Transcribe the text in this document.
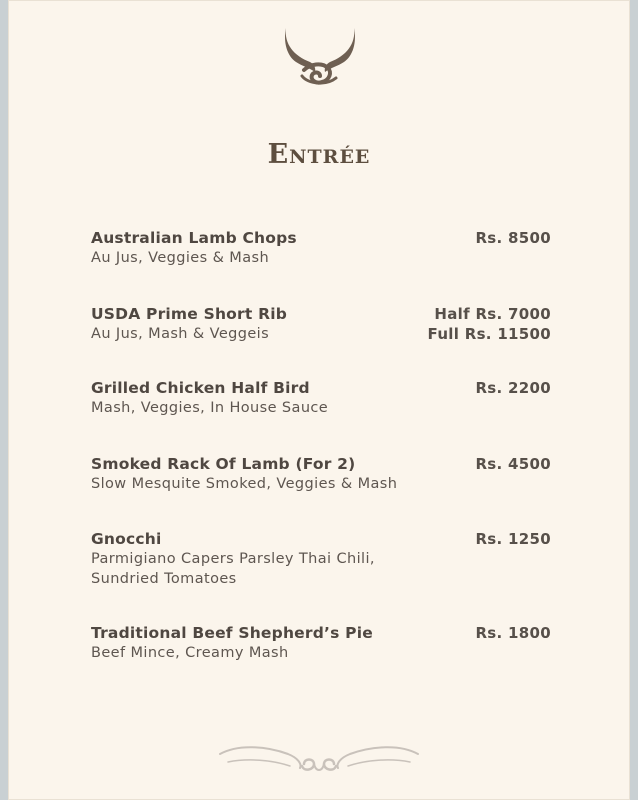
Entrée
Australian Lamb Chops
Au Jus, Veggies & Mash
Rs. 8500
USDA Prime Short Rib
Au Jus, Mash & Veggeis
Half Rs. 7000
Full Rs. 11500
Grilled Chicken Half Bird
Mash, Veggies, In House Sauce
Rs. 2200
Smoked Rack Of Lamb (For 2)
Slow Mesquite Smoked, Veggies & Mash
Rs. 4500
Gnocchi
Parmigiano Capers Parsley Thai Chili, Sundried Tomatoes
Rs. 1250
Traditional Beef Shepherd’s Pie
Beef Mince, Creamy Mash
Rs. 1800
